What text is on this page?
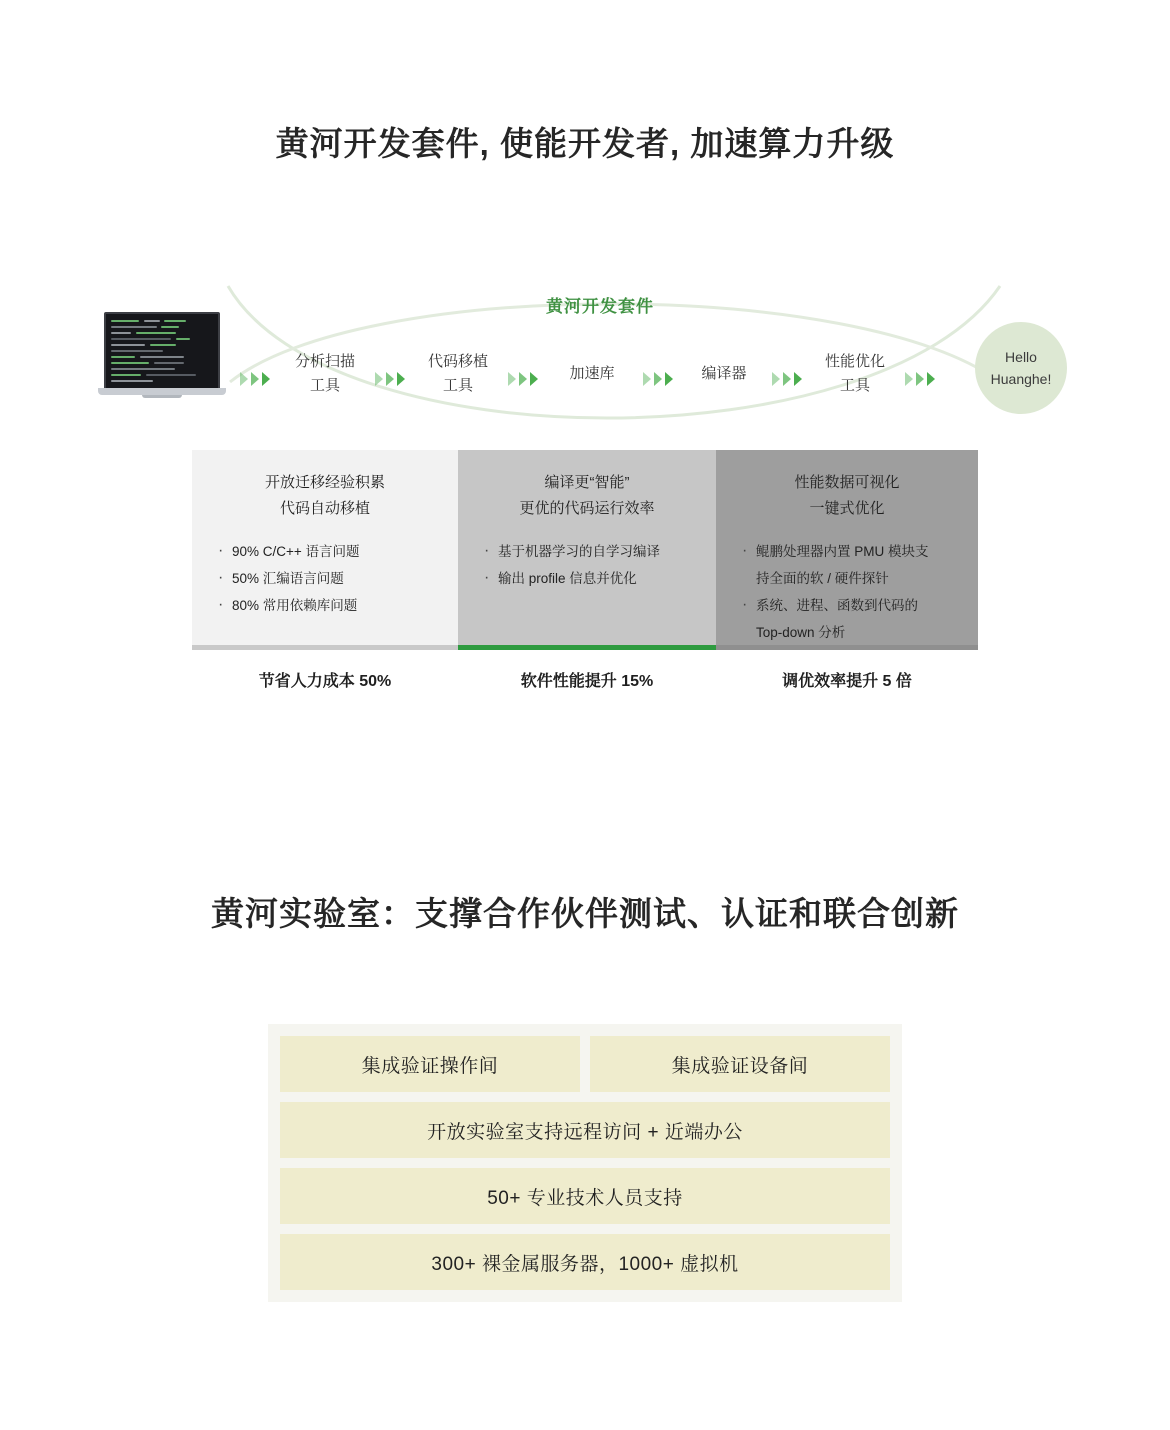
黄河开发套件, 使能开发者, 加速算力升级
黄河开发套件
分析扫描
工具
代码移植
工具
加速库	编译器
性能优化
工具
Hello
Huanghe!
开放迁移经验积累
代码自动移植
· 90% C/C++ 语言问题
· 50% 汇编语言问题
· 80% 常用依赖库问题
编译更“智能”
更优的代码运行效率
· 基于机器学习的自学习编译
· 输出 profile 信息并优化
性能数据可视化
一键式优化
· 鲲鹏处理器内置 PMU 模块支
持全面的软 / 硬件探针
· 系统、进程、函数到代码的
Top-down 分析
节省人力成本 50%	软件性能提升 15%	调优效率提升 5 倍
黄河实验室：支撑合作伙伴测试、认证和联合创新
集成验证操作间	集成验证设备间
开放实验室支持远程访问 + 近端办公
50+ 专业技术人员支持
300+ 裸金属服务器，1000+ 虚拟机
